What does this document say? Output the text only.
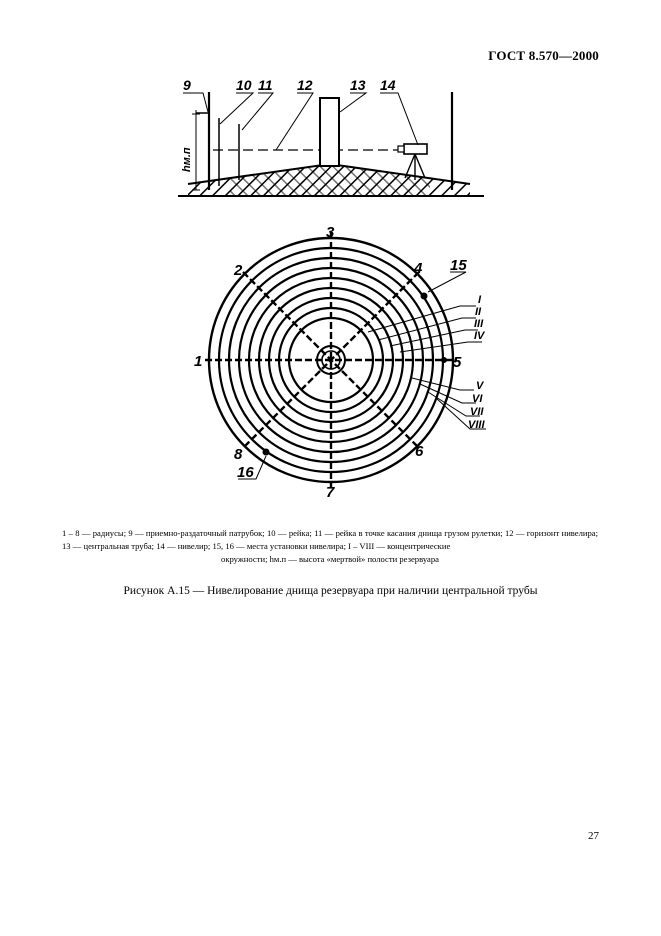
ГОСТ 8.570—2000
9	10 11 12	13 14
hм.п
3
2	4
1	5
6
7
8
15
16
I
II
III
IV
V
VI
VII
VIII
1 – 8 — радиусы; 9 — приемно-раздаточный патрубок; 10 — рейка; 11 — рейка в точке касания днища грузом рулетки; 12 — горизонт нивелира; 13 — центральная труба; 14 — нивелир; 15, 16 — места установки нивелира; I – VIII — концентрические
окружности; hм.п — высота «мертвой» полости резервуара
Рисунок А.15 — Нивелирование днища резервуара при наличии центральной трубы
27
